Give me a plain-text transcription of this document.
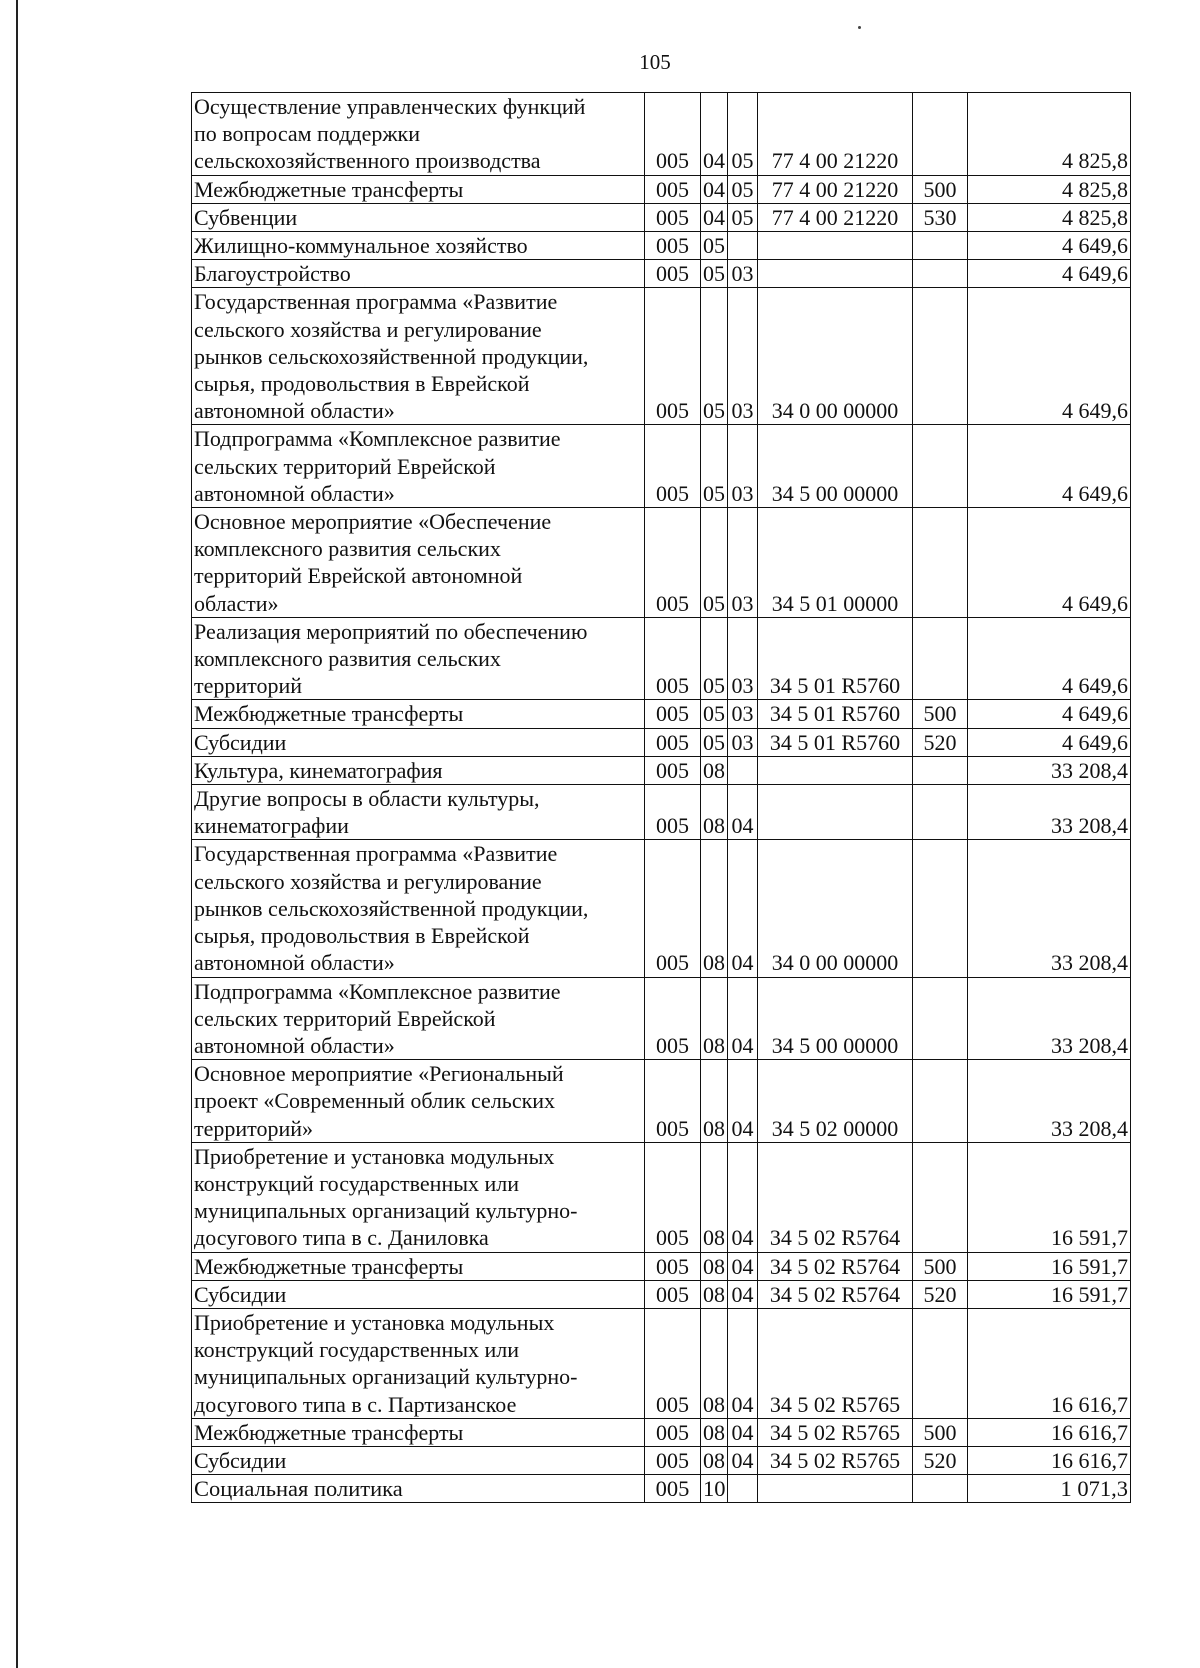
105
Осуществление управленческих функций
по вопросам поддержки
сельскохозяйственного производства	005	04	05	77 4 00 21220		4 825,8
Межбюджетные трансферты	005	04	05	77 4 00 21220	500	4 825,8
Субвенции	005	04	05	77 4 00 21220	530	4 825,8
Жилищно-коммунальное хозяйство	005	05				4 649,6
Благоустройство	005	05	03			4 649,6
Государственная программа «Развитие
сельского хозяйства и регулирование
рынков сельскохозяйственной продукции,
сырья, продовольствия в Еврейской
автономной области»	005	05	03	34 0 00 00000		4 649,6
Подпрограмма «Комплексное развитие
сельских территорий Еврейской
автономной области»	005	05	03	34 5 00 00000		4 649,6
Основное мероприятие «Обеспечение
комплексного развития сельских
территорий Еврейской автономной
области»	005	05	03	34 5 01 00000		4 649,6
Реализация мероприятий по обеспечению
комплексного развития сельских
территорий	005	05	03	34 5 01 R5760		4 649,6
Межбюджетные трансферты	005	05	03	34 5 01 R5760	500	4 649,6
Субсидии	005	05	03	34 5 01 R5760	520	4 649,6
Культура, кинематография	005	08				33 208,4
Другие вопросы в области культуры,
кинематографии	005	08	04			33 208,4
Государственная программа «Развитие
сельского хозяйства и регулирование
рынков сельскохозяйственной продукции,
сырья, продовольствия в Еврейской
автономной области»	005	08	04	34 0 00 00000		33 208,4
Подпрограмма «Комплексное развитие
сельских территорий Еврейской
автономной области»	005	08	04	34 5 00 00000		33 208,4
Основное мероприятие «Региональный
проект «Современный облик сельских
территорий»	005	08	04	34 5 02 00000		33 208,4
Приобретение и установка модульных
конструкций государственных или
муниципальных организаций культурно-
досугового типа в с. Даниловка	005	08	04	34 5 02 R5764		16 591,7
Межбюджетные трансферты	005	08	04	34 5 02 R5764	500	16 591,7
Субсидии	005	08	04	34 5 02 R5764	520	16 591,7
Приобретение и установка модульных
конструкций государственных или
муниципальных организаций культурно-
досугового типа в с. Партизанское	005	08	04	34 5 02 R5765		16 616,7
Межбюджетные трансферты	005	08	04	34 5 02 R5765	500	16 616,7
Субсидии	005	08	04	34 5 02 R5765	520	16 616,7
Социальная политика	005	10				1 071,3
